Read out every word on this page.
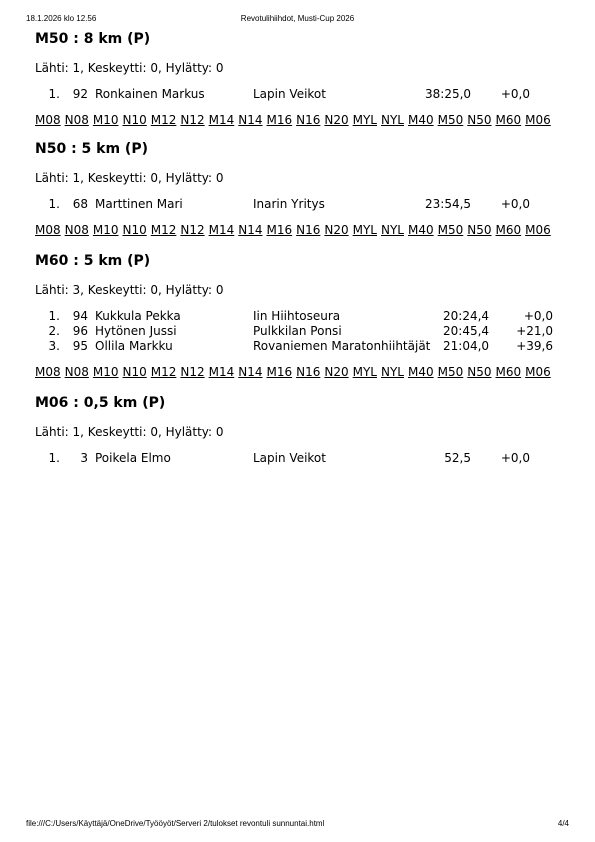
18.1.2026 klo 12.56	Revotulihiihdot, Musti-Cup 2026
M50 : 8 km (P)
Lähti: 1, Keskeytti: 0, Hylätty: 0
1.	92	Ronkainen Markus	Lapin Veikot	38:25,0	+0,0
M08 N08 M10 N10 M12 N12 M14 N14 M16 N16 N20 MYL NYL M40 M50 N50 M60 M06
N50 : 5 km (P)
Lähti: 1, Keskeytti: 0, Hylätty: 0
1.	68	Marttinen Mari	Inarin Yritys	23:54,5	+0,0
M08 N08 M10 N10 M12 N12 M14 N14 M16 N16 N20 MYL NYL M40 M50 N50 M60 M06
M60 : 5 km (P)
Lähti: 3, Keskeytti: 0, Hylätty: 0
1.	94	Kukkula Pekka	Iin Hiihtoseura	20:24,4	+0,0
2.	96	Hytönen Jussi	Pulkkilan Ponsi	20:45,4	+21,0
3.	95	Ollila Markku	Rovaniemen Maratonhiihtäjät	21:04,0	+39,6
M08 N08 M10 N10 M12 N12 M14 N14 M16 N16 N20 MYL NYL M40 M50 N50 M60 M06
M06 : 0,5 km (P)
Lähti: 1, Keskeytti: 0, Hylätty: 0
1.	3	Poikela Elmo	Lapin Veikot	52,5	+0,0
file:///C:/Users/Käyttäjä/OneDrive/Työöyöt/Serveri 2/tulokset revontuli sunnuntai.html	4/4
